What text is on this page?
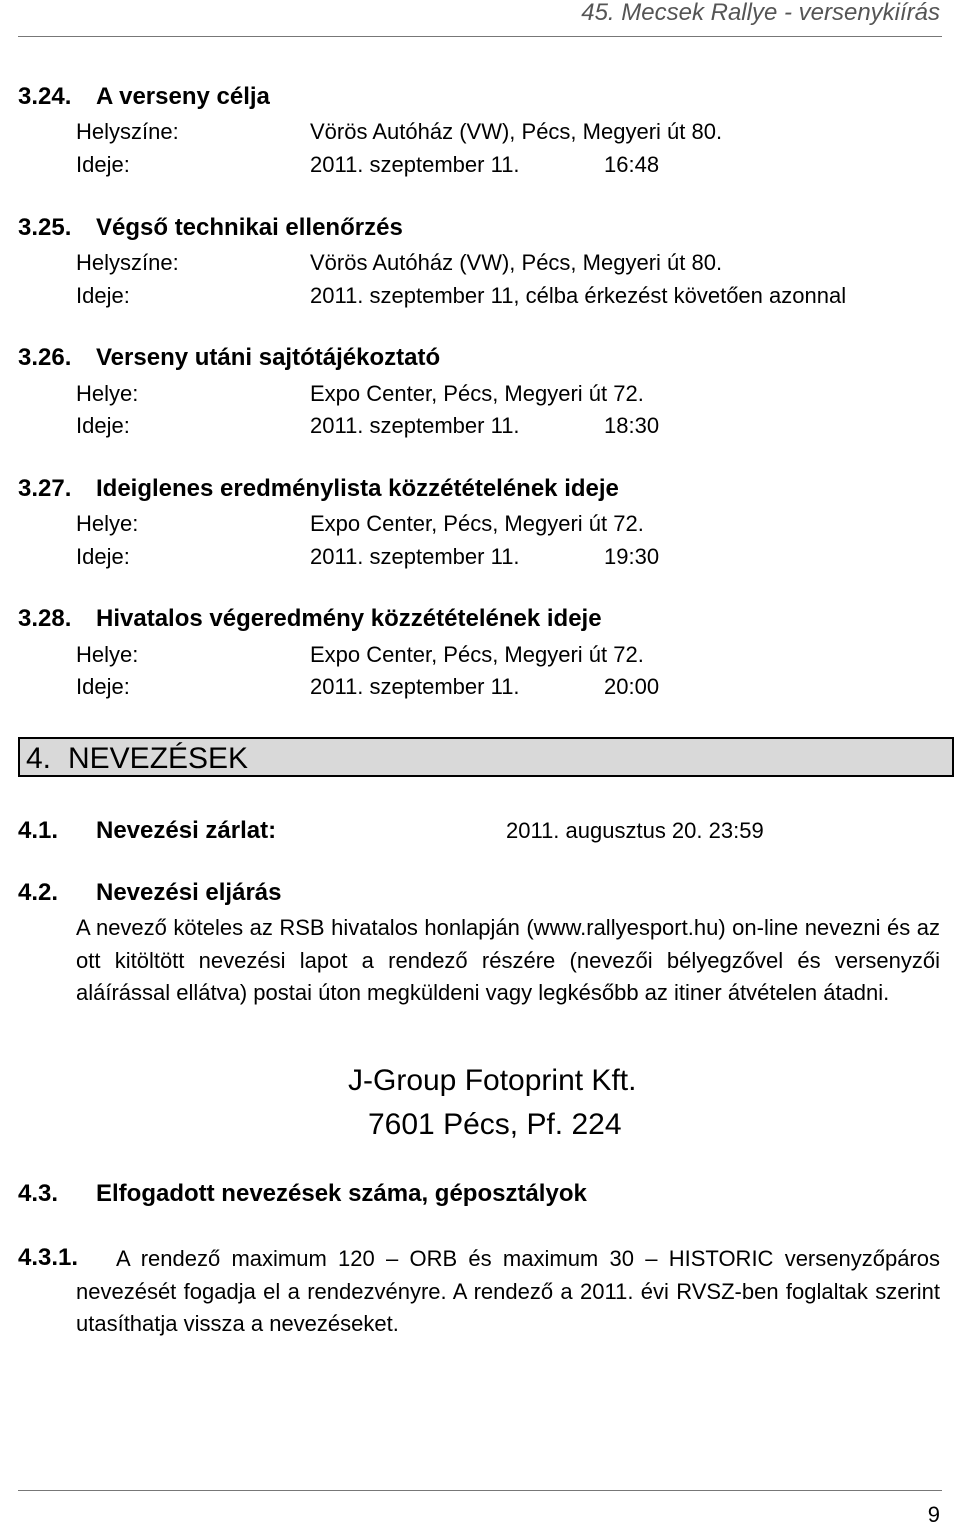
45. Mecsek Rallye - versenykiírás
3.24. A verseny célja
Helyszíne:	Vörös Autóház (VW), Pécs, Megyeri út 80.
Ideje:	2011. szeptember 11.	16:48
3.25. Végső technikai ellenőrzés
Helyszíne:	Vörös Autóház (VW), Pécs, Megyeri út 80.
Ideje:	2011. szeptember 11, célba érkezést követően azonnal
3.26. Verseny utáni sajtótájékoztató
Helye:	Expo Center, Pécs, Megyeri út 72.
Ideje:	2011. szeptember 11.	18:30
3.27. Ideiglenes eredménylista közzétételének ideje
Helye:	Expo Center, Pécs, Megyeri út 72.
Ideje:	2011. szeptember 11.	19:30
3.28. Hivatalos végeredmény közzétételének ideje
Helye:	Expo Center, Pécs, Megyeri út 72.
Ideje:	2011. szeptember 11.	20:00
4. NEVEZÉSEK
4.1. Nevezési zárlat:	2011. augusztus 20. 23:59
4.2. Nevezési eljárás
A nevező köteles az RSB hivatalos honlapján (www.rallyesport.hu) on-line nevezni és az ott kitöltött nevezési lapot a rendező részére (nevezői bélyegzővel és versenyzői aláírással ellátva) postai úton megküldeni vagy legkésőbb az itiner átvételen átadni.
J-Group Fotoprint Kft.
7601 Pécs, Pf. 224
4.3. Elfogadott nevezések száma, géposztályok
4.3.1.	A rendező maximum 120 – ORB és maximum 30 – HISTORIC versenyzőpáros nevezését fogadja el a rendezvényre. A rendező a 2011. évi RVSZ-ben foglaltak szerint utasíthatja vissza a nevezéseket.
9
